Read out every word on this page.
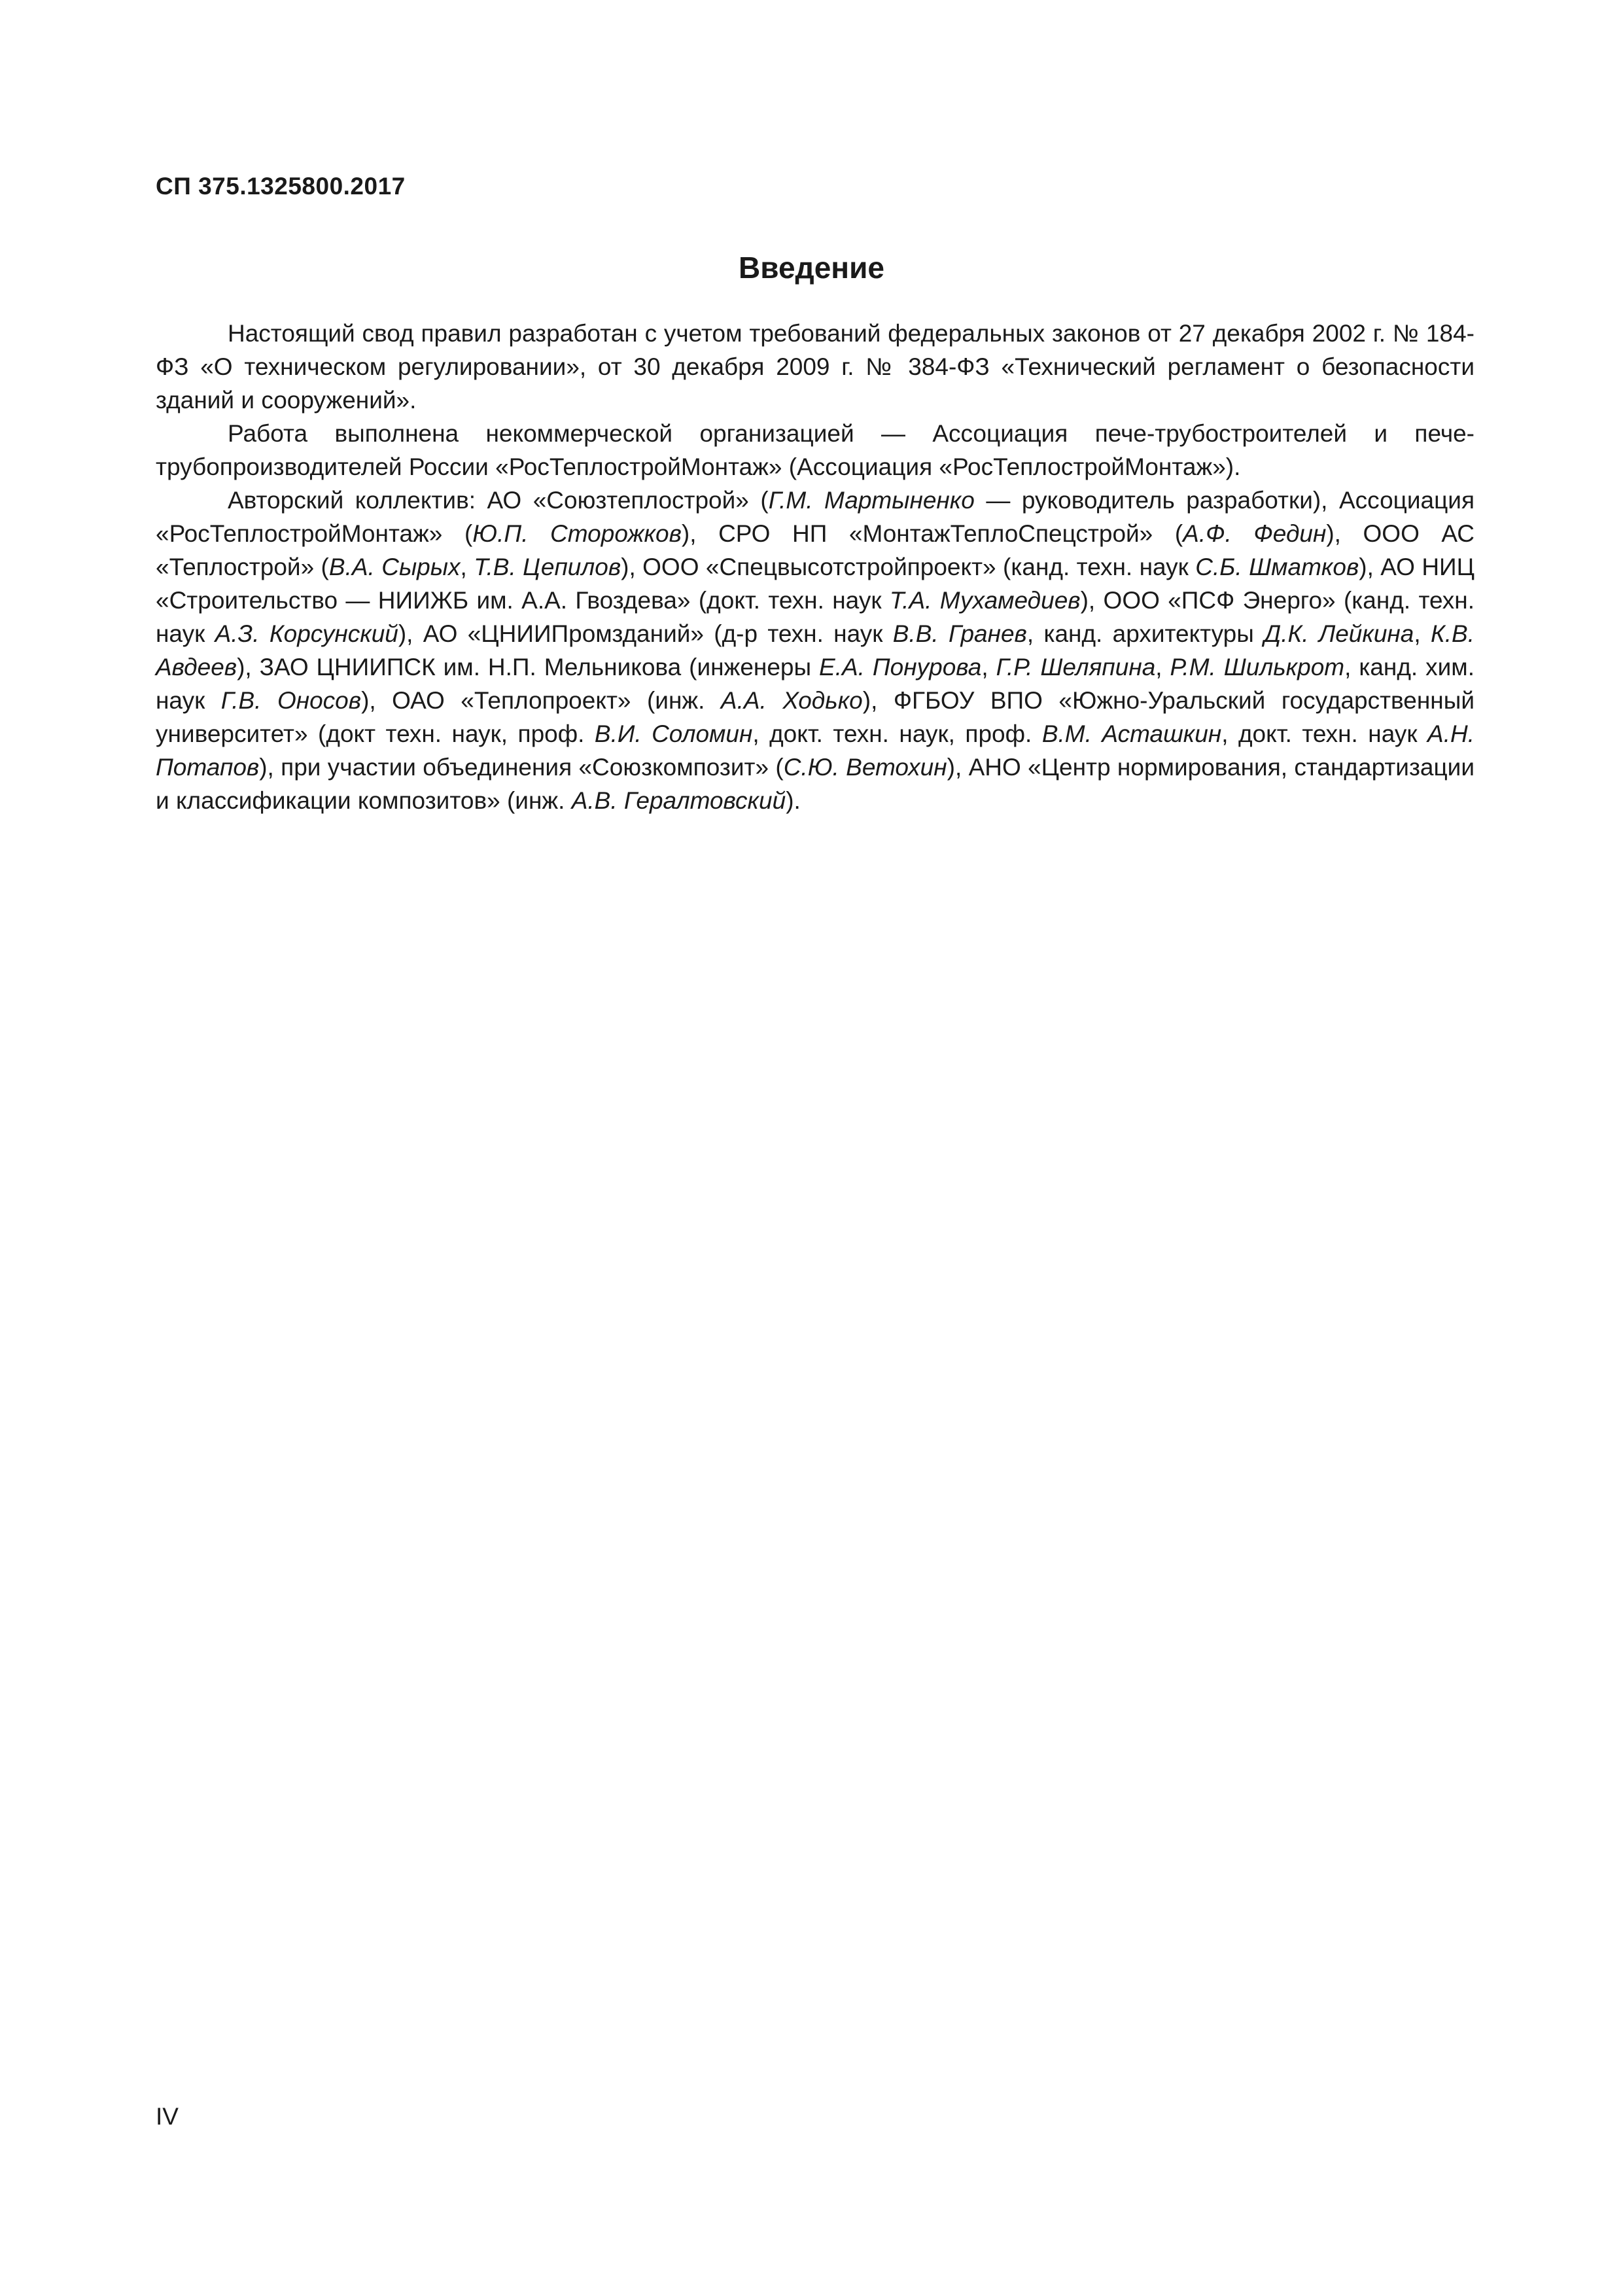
СП 375.1325800.2017
Введение

Настоящий свод правил разработан с учетом требований федеральных законов от 27 декабря 2002 г. № 184-ФЗ «О техническом регулировании», от 30 декабря 2009 г. № 384-ФЗ «Технический регламент о безопасности зданий и сооружений».

Работа выполнена некоммерческой организацией — Ассоциация пече-трубостроителей и пече-трубопроизводителей России «РосТеплостройМонтаж» (Ассоциация «РосТеплостройМонтаж»).

Авторский коллектив: АО «Союзтеплострой» (Г.М. Мартыненко — руководитель разработки), Ассоциация «РосТеплостройМонтаж» (Ю.П. Сторожков), СРО НП «МонтажТеплоСпецстрой» (А.Ф. Федин), ООО АС «Теплострой» (В.А. Сырых, Т.В. Цепилов), ООО «Спецвысотстройпроект» (канд. техн. наук С.Б. Шматков), АО НИЦ «Строительство — НИИЖБ им. А.А. Гвоздева» (докт. техн. наук Т.А. Мухамедиев), ООО «ПСФ Энерго» (канд. техн. наук А.З. Корсунский), АО «ЦНИИПромзданий» (д-р техн. наук В.В. Гранев, канд. архитектуры Д.К. Лейкина, К.В. Авдеев), ЗАО ЦНИИПСК им. Н.П. Мельникова (инженеры Е.А. Понурова, Г.Р. Шеляпина, Р.М. Шилькрот, канд. хим. наук Г.В. Оносов), ОАО «Теплопроект» (инж. А.А. Ходько), ФГБОУ ВПО «Южно-Уральский государственный университет» (докт техн. наук, проф. В.И. Соломин, докт. техн. наук, проф. В.М. Асташкин, докт. техн. наук А.Н. Потапов), при участии объединения «Союзкомпозит» (С.Ю. Ветохин), АНО «Центр нормирования, стандартизации и классификации композитов» (инж. А.В. Гералтовский).

IV
